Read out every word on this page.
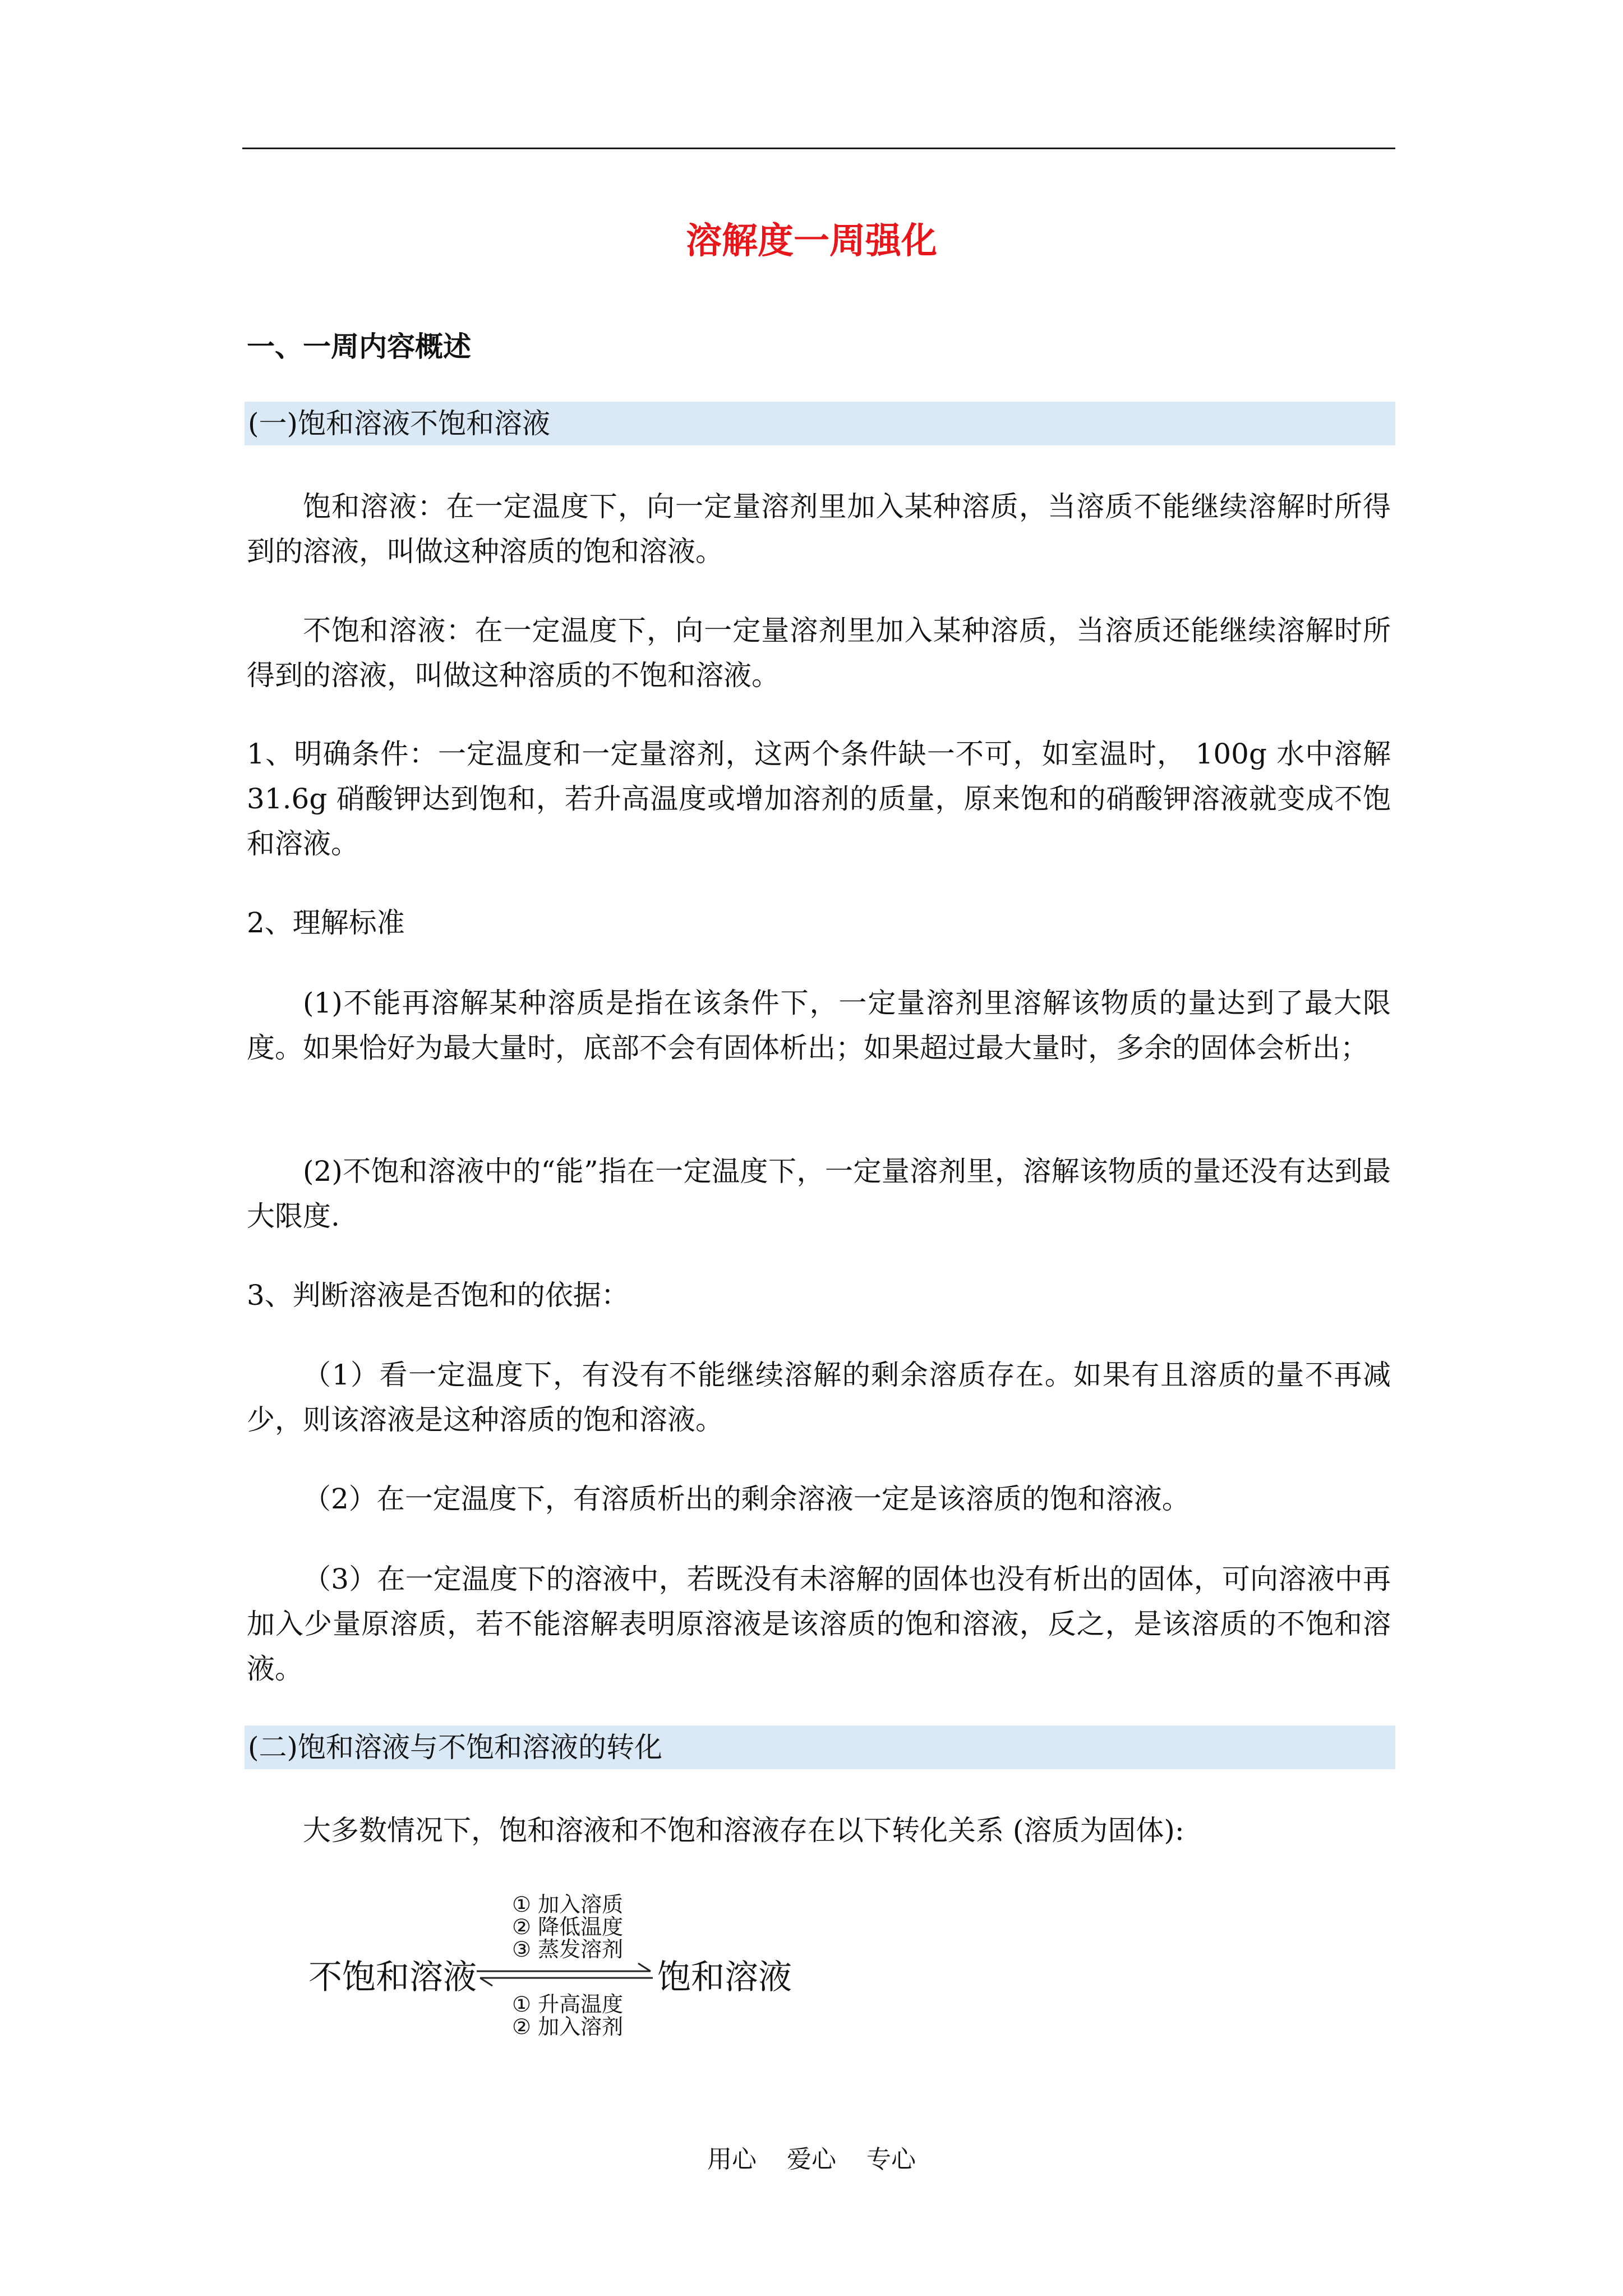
溶解度一周强化
一、一周内容概述
(一)饱和溶液不饱和溶液
饱和溶液：在一定温度下，向一定量溶剂里加入某种溶质，当溶质不能继续溶解时所得到的溶液，叫做这种溶质的饱和溶液。
不饱和溶液：在一定温度下，向一定量溶剂里加入某种溶质，当溶质还能继续溶解时所得到的溶液，叫做这种溶质的不饱和溶液。
1、明确条件：一定温度和一定量溶剂，这两个条件缺一不可，如室温时， 100g 水中溶解 31.6g 硝酸钾达到饱和，若升高温度或增加溶剂的质量，原来饱和的硝酸钾溶液就变成不饱和溶液。
2、理解标准
(1)不能再溶解某种溶质是指在该条件下，一定量溶剂里溶解该物质的量达到了最大限度。如果恰好为最大量时，底部不会有固体析出；如果超过最大量时，多余的固体会析出；
(2)不饱和溶液中的“能”指在一定温度下，一定量溶剂里，溶解该物质的量还没有达到最大限度.
3、判断溶液是否饱和的依据：
（1）看一定温度下，有没有不能继续溶解的剩余溶质存在。如果有且溶质的量不再减少，则该溶液是这种溶质的饱和溶液。
（2）在一定温度下，有溶质析出的剩余溶液一定是该溶质的饱和溶液。
（3）在一定温度下的溶液中，若既没有未溶解的固体也没有析出的固体，可向溶液中再加入少量原溶质，若不能溶解表明原溶液是该溶质的饱和溶液，反之，是该溶质的不饱和溶液。
(二)饱和溶液与不饱和溶液的转化
大多数情况下，饱和溶液和不饱和溶液存在以下转化关系 (溶质为固体):
① 加入溶质
② 降低温度
③ 蒸发溶剂
不饱和溶液	饱和溶液
① 升高温度
② 加入溶剂
用心 爱心 专心
